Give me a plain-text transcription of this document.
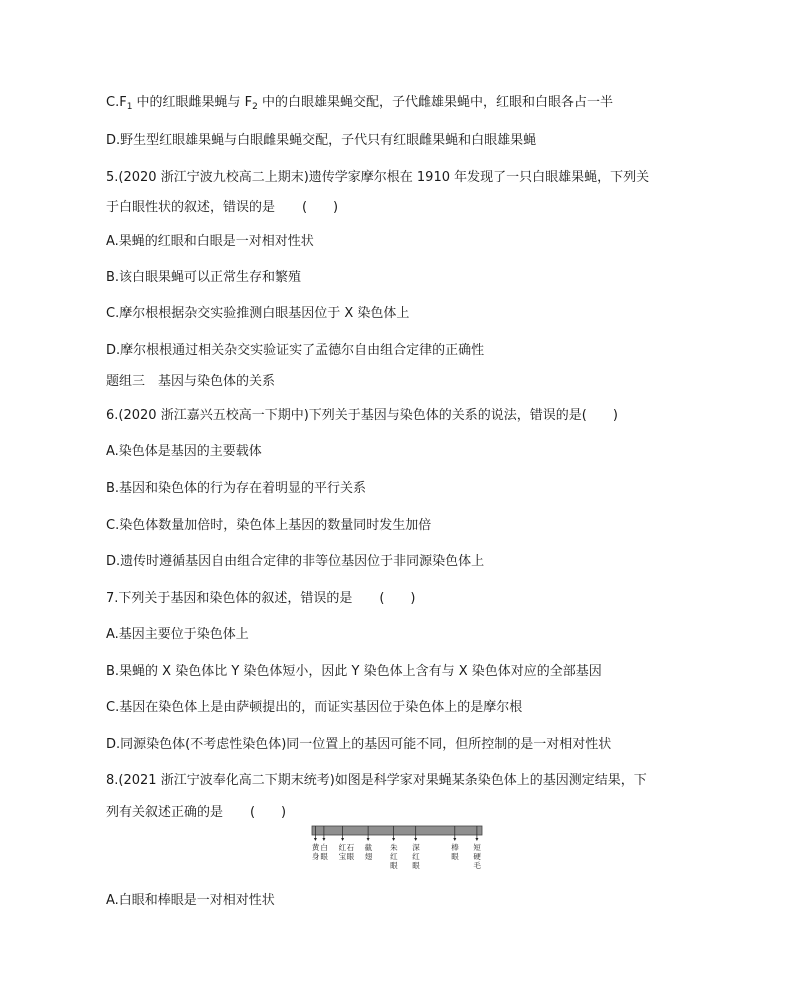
$C.F_1$ 中的红眼雌果蝇与 $F_2$ 中的白眼雄果蝇交配，子代雌雄果蝇中，红眼和白眼各占一半
D.野生型红眼雄果蝇与白眼雌果蝇交配，子代只有红眼雌果蝇和白眼雄果蝇
5.(2020 浙江宁波九校高二上期末)遗传学家摩尔根在 1910 年发现了一只白眼雄果蝇，下列关
于白眼性状的叙述，错误的是 (　　)
A.果蝇的红眼和白眼是一对相对性状
B.该白眼果蝇可以正常生存和繁殖
C.摩尔根根据杂交实验推测白眼基因位于 X 染色体上
D.摩尔根根通过相关杂交实验证实了孟德尔自由组合定律的正确性
题组三　基因与染色体的关系
6.(2020 浙江嘉兴五校高一下期中)下列关于基因与染色体的关系的说法，错误的是(　　)
A.染色体是基因的主要载体
B.基因和染色体的行为存在着明显的平行关系
C.染色体数量加倍时，染色体上基因的数量同时发生加倍
D.遗传时遵循基因自由组合定律的非等位基因位于非同源染色体上
7.下列关于基因和染色体的叙述，错误的是 (　　)
A.基因主要位于染色体上
B.果蝇的 X 染色体比 Y 染色体短小，因此 Y 染色体上含有与 X 染色体对应的全部基因
C.基因在染色体上是由萨顿提出的，而证实基因位于染色体上的是摩尔根
D.同源染色体(不考虑性染色体)同一位置上的基因可能不同，但所控制的是一对相对性状
8.(2021 浙江宁波奉化高二下期末统考)如图是科学家对果蝇某条染色体上的基因测定结果，下
列有关叙述正确的是 (　　)
A.白眼和棒眼是一对相对性状
黄身
白眼
红宝石眼
截翅
朱红眼
深红眼
棒眼
短硬毛
